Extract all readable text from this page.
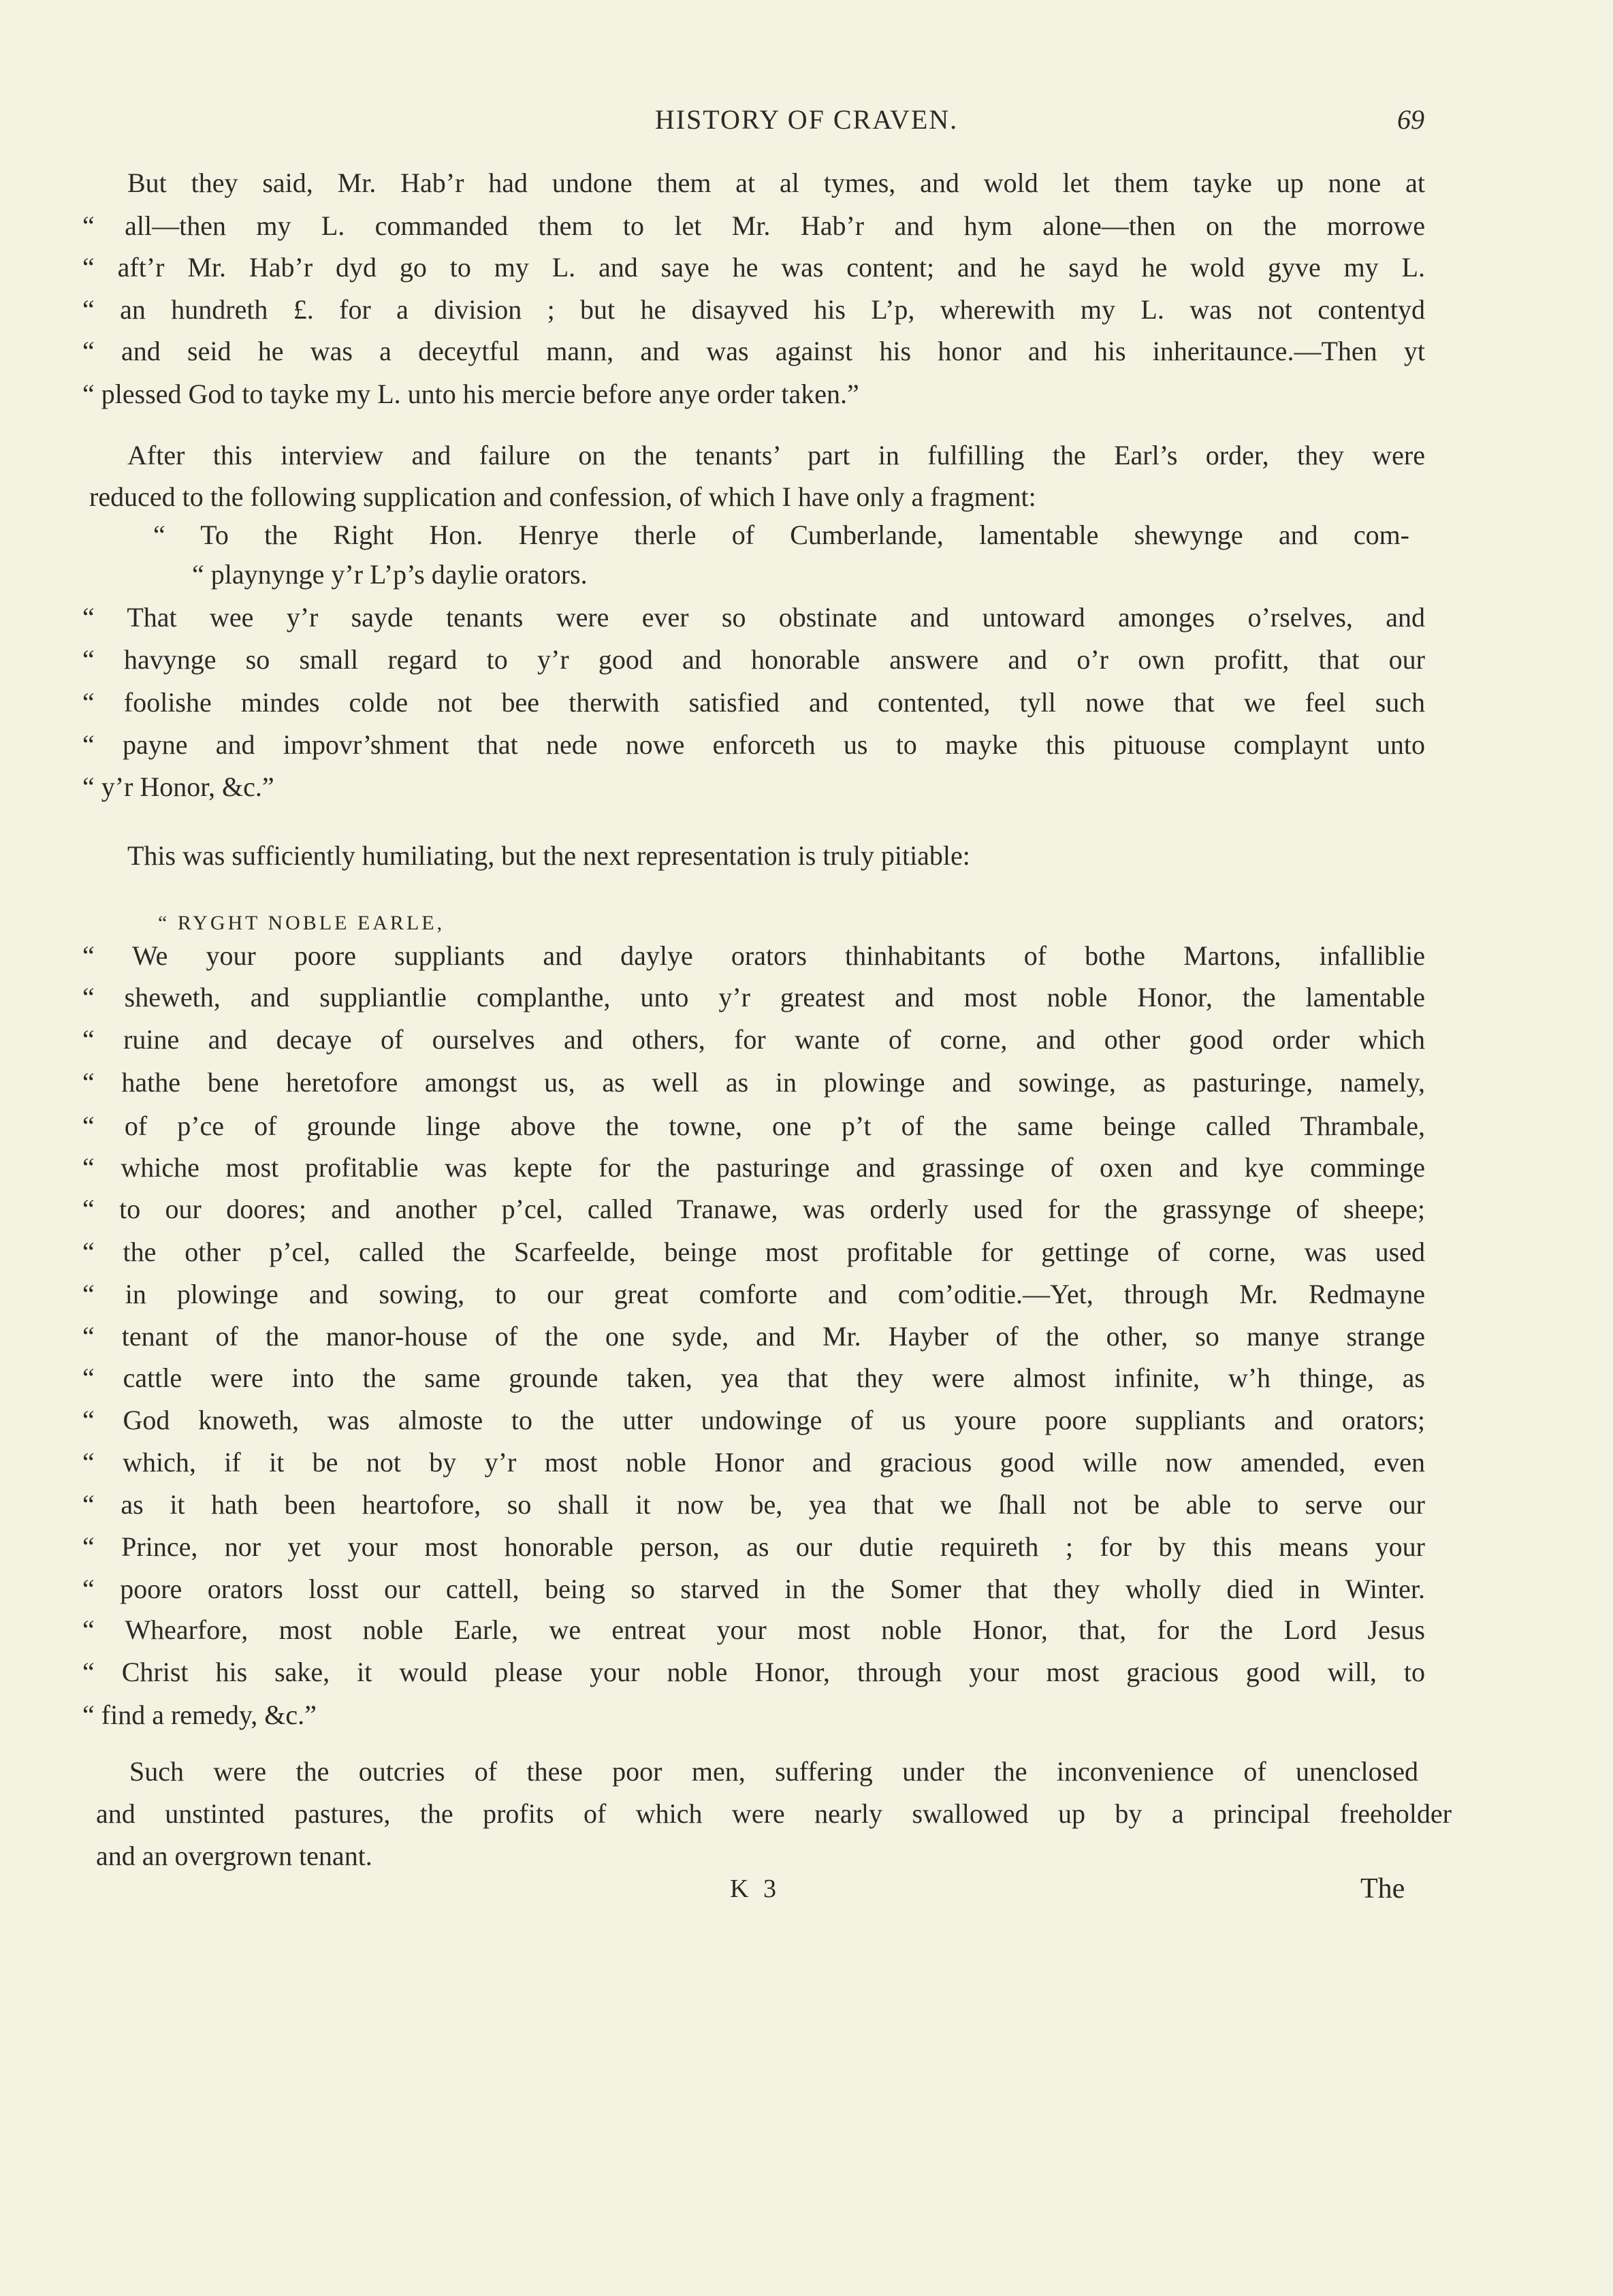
HISTORY OF CRAVEN.	69
But they said, Mr. Hab’r had undone them at al tymes, and wold let them tayke up none at
“ all—then my L. commanded them to let Mr. Hab’r and hym alone—then on the morrowe
“ aft’r Mr. Hab’r dyd go to my L. and saye he was content; and he sayd he wold gyve my L.
“ an hundreth £. for a division ; but he disayved his L’p, wherewith my L. was not contentyd
“ and seid he was a deceytful mann, and was against his honor and his inheritaunce.—Then yt
“ plessed God to tayke my L. unto his mercie before anye order taken.”
After this interview and failure on the tenants’ part in fulfilling the Earl’s order, they were
reduced to the following supplication and confession, of which I have only a fragment:
“ To the Right Hon. Henrye therle of Cumberlande, lamentable shewynge and com-
“ playnynge y’r L’p’s daylie orators.
“ That wee y’r sayde tenants were ever so obstinate and untoward amonges o’rselves, and
“ havynge so small regard to y’r good and honorable answere and o’r own profitt, that our
“ foolishe mindes colde not bee therwith satisfied and contented, tyll nowe that we feel such
“ payne and impovr’shment that nede nowe enforceth us to mayke this pituouse complaynt unto
“ y’r Honor, &c.”
This was sufficiently humiliating, but the next representation is truly pitiable:
“ RYGHT NOBLE EARLE,
“ We your poore suppliants and daylye orators thinhabitants of bothe Martons, infalliblie
“ sheweth, and suppliantlie complanthe, unto y’r greatest and most noble Honor, the lamentable
“ ruine and decaye of ourselves and others, for wante of corne, and other good order which
“ hathe bene heretofore amongst us, as well as in plowinge and sowinge, as pasturinge, namely,
“ of p’ce of grounde linge above the towne, one p’t of the same beinge called Thrambale,
“ whiche most profitablie was kepte for the pasturinge and grassinge of oxen and kye comminge
“ to our doores; and another p’cel, called Tranawe, was orderly used for the grassynge of sheepe;
“ the other p’cel, called the Scarfeelde, beinge most profitable for gettinge of corne, was used
“ in plowinge and sowing, to our great comforte and com’oditie.—Yet, through Mr. Redmayne
“ tenant of the manor-house of the one syde, and Mr. Hayber of the other, so manye strange
“ cattle were into the same grounde taken, yea that they were almost infinite, w’h thinge, as
“ God knoweth, was almoste to the utter undowinge of us youre poore suppliants and orators;
“ which, if it be not by y’r most noble Honor and gracious good wille now amended, even
“ as it hath been heartofore, so shall it now be, yea that we ſhall not be able to serve our
“ Prince, nor yet your most honorable person, as our dutie requireth ; for by this means your
“ poore orators losst our cattell, being so starved in the Somer that they wholly died in Winter.
“ Whearfore, most noble Earle, we entreat your most noble Honor, that, for the Lord Jesus
“ Christ his sake, it would please your noble Honor, through your most gracious good will, to
“ find a remedy, &c.”
Such were the outcries of these poor men, suffering under the inconvenience of unenclosed
and unstinted pastures, the profits of which were nearly swallowed up by a principal freeholder
and an overgrown tenant.
K 3	The
